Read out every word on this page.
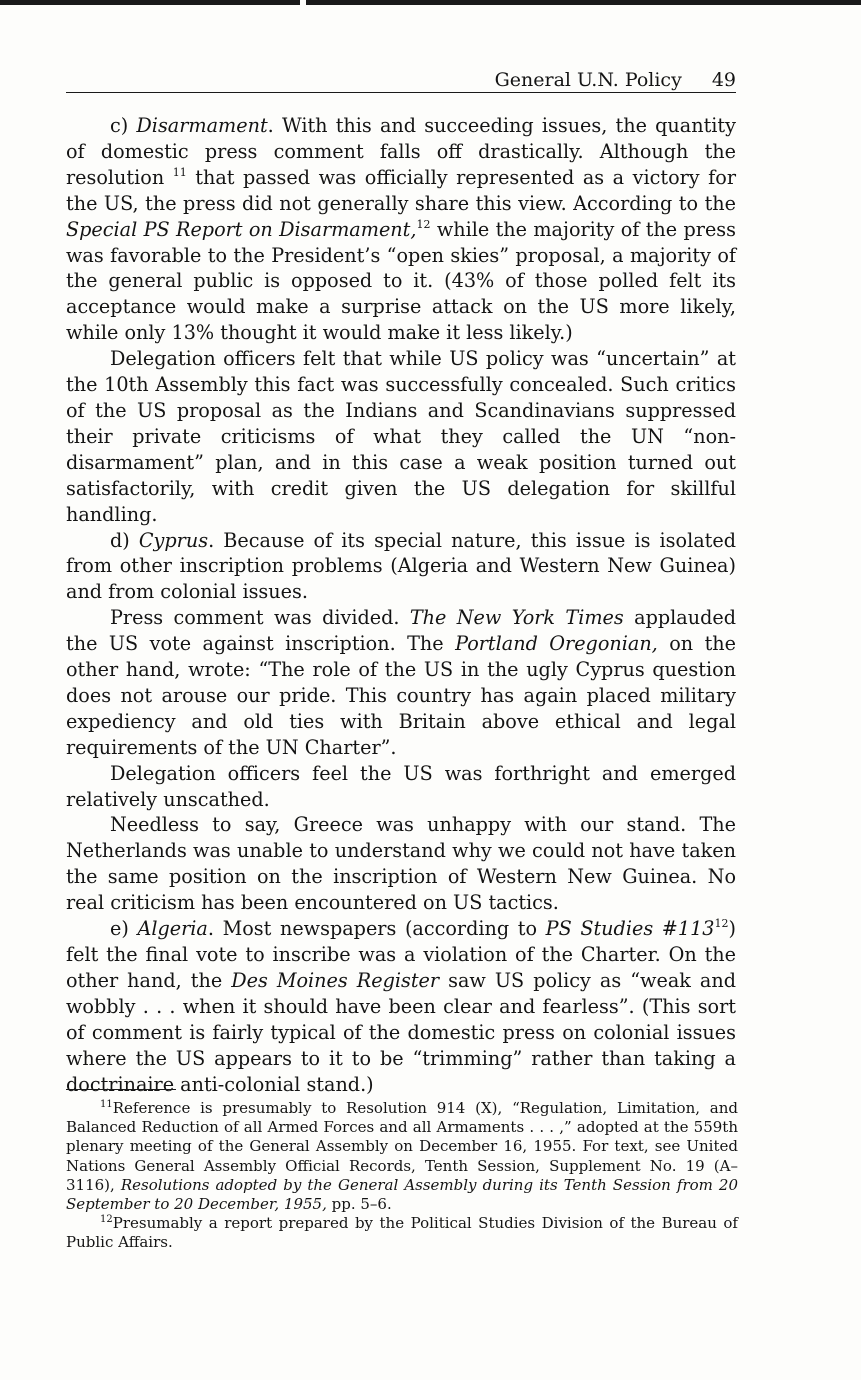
General U.N. Policy 49

c) Disarmament. With this and succeeding issues, the quantity of domestic press comment falls off drastically. Although the resolution $^{11}$ that passed was officially represented as a victory for the US, the press did not generally share this view. According to the Special PS Report on Disarmament,$^{12}$ while the majority of the press was favorable to the President’s “open skies” proposal, a majority of the general public is opposed to it. (43% of those polled felt its acceptance would make a surprise attack on the US more likely, while only 13% thought it would make it less likely.)

Delegation officers felt that while US policy was “uncertain” at the 10th Assembly this fact was successfully concealed. Such critics of the US proposal as the Indians and Scandinavians suppressed their private criticisms of what they called the UN “non-disarmament” plan, and in this case a weak position turned out satisfactorily, with credit given the US delegation for skillful handling.

d) Cyprus. Because of its special nature, this issue is isolated from other inscription problems (Algeria and Western New Guinea) and from colonial issues.

Press comment was divided. The New York Times applauded the US vote against inscription. The Portland Oregonian, on the other hand, wrote: “The role of the US in the ugly Cyprus question does not arouse our pride. This country has again placed military expediency and old ties with Britain above ethical and legal requirements of the UN Charter”.

Delegation officers feel the US was forthright and emerged relatively unscathed.

Needless to say, Greece was unhappy with our stand. The Netherlands was unable to understand why we could not have taken the same position on the inscription of Western New Guinea. No real criticism has been encountered on US tactics.

e) Algeria. Most newspapers (according to PS Studies $\#113^{12}$) felt the final vote to inscribe was a violation of the Charter. On the other hand, the Des Moines Register saw US policy as “weak and wobbly . . . when it should have been clear and fearless”. (This sort of comment is fairly typical of the domestic press on colonial issues where the US appears to it to be “trimming” rather than taking a doctrinaire anti-colonial stand.)

$^{11}$Reference is presumably to Resolution 914 (X), “Regulation, Limitation, and Balanced Reduction of all Armed Forces and all Armaments . . . ,” adopted at the 559th plenary meeting of the General Assembly on December 16, 1955. For text, see United Nations General Assembly Official Records, Tenth Session, Supplement No. 19 (A–3116), Resolutions adopted by the General Assembly during its Tenth Session from 20 September to 20 December, 1955, pp. 5–6.

$^{12}$Presumably a report prepared by the Political Studies Division of the Bureau of Public Affairs.
